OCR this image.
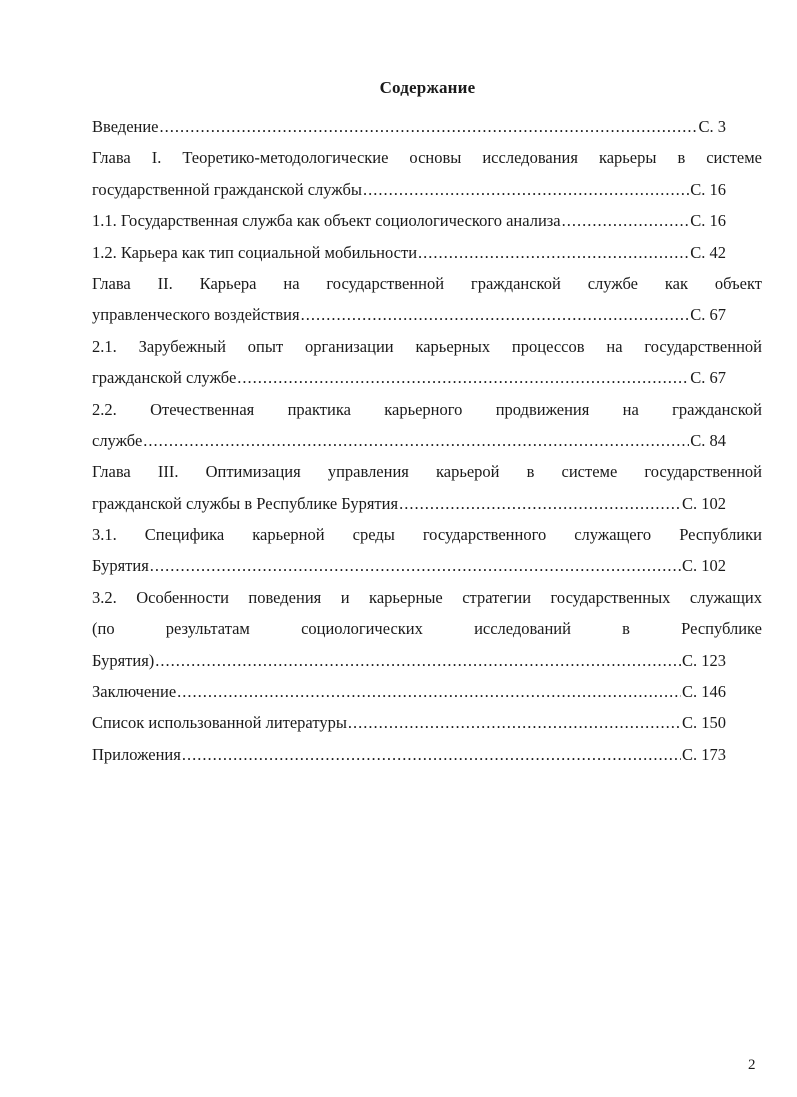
Содержание
Введение .....	С. 3
Глава I. Теоретико-методологические основы исследования карьеры в системе
государственной гражданской службы .....	С. 16
1.1. Государственная служба как объект социологического анализа .....	С. 16
1.2. Карьера как тип социальной мобильности .....	С. 42
Глава II. Карьера на государственной гражданской службе как объект
управленческого воздействия .....	С. 67
2.1. Зарубежный опыт организации карьерных процессов на государственной
гражданской службе .....	С. 67
2.2. Отечественная практика карьерного продвижения на гражданской
службе .....	С. 84
Глава III. Оптимизация управления карьерой в системе государственной
гражданской службы в Республике Бурятия .....	С. 102
3.1. Специфика карьерной среды государственного служащего Республики
Бурятия .....	С. 102
3.2. Особенности поведения и карьерные стратегии государственных служащих
(по результатам социологических исследований в Республике
Бурятия) .....	С. 123
Заключение .....	С. 146
Список использованной литературы .....	С. 150
Приложения .....	С. 173
2
